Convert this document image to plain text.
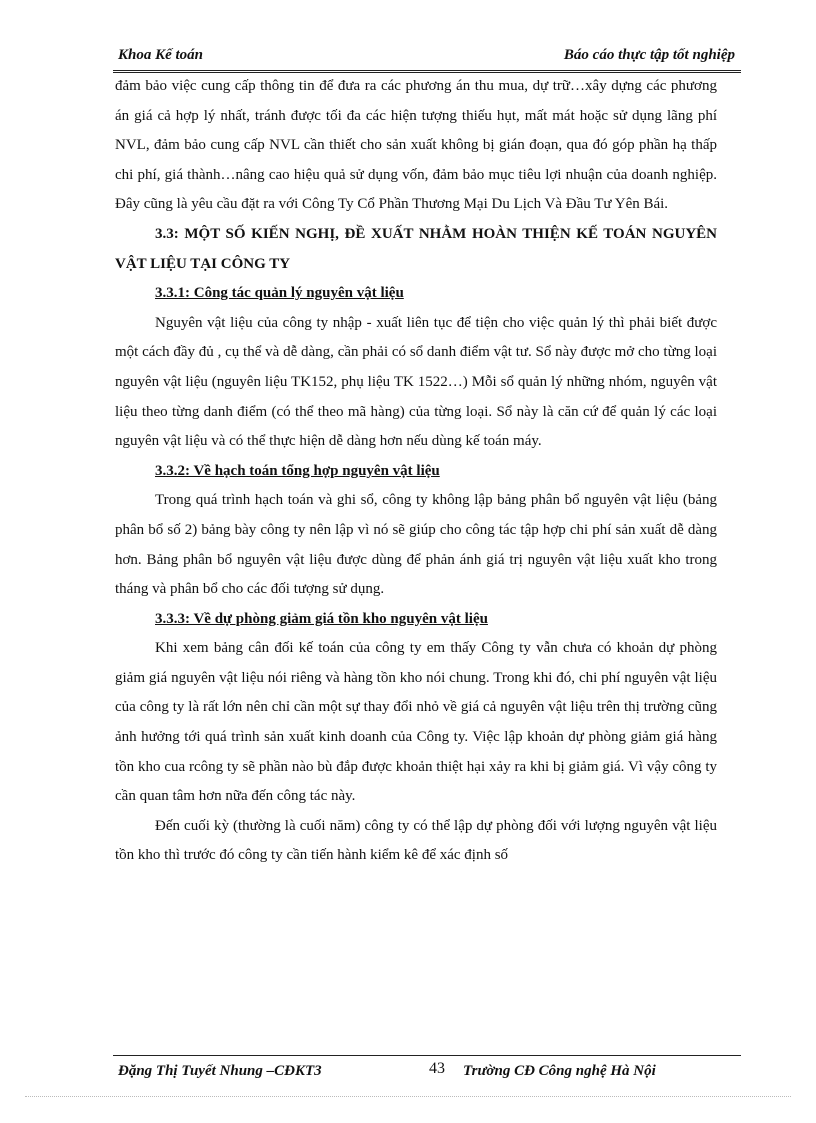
Khoa Kế toán	Báo cáo thực tập tốt nghiệp

đảm bảo việc cung cấp thông tin để đưa ra các phương án thu mua, dự trữ…xây dựng các phương án giá cả hợp lý nhất, tránh được tối đa các hiện tượng thiếu hụt, mất mát hoặc sử dụng lãng phí NVL, đảm bảo cung cấp NVL cần thiết cho sản xuất không bị gián đoạn, qua đó góp phần hạ thấp chi phí, giá thành…nâng cao hiệu quả sử dụng vốn, đảm bảo mục tiêu lợi nhuận của doanh nghiệp. Đây cũng là yêu cầu đặt ra với Công Ty Cổ Phần Thương Mại Du Lịch Và Đầu Tư Yên Bái.

3.3: MỘT SỐ KIẾN NGHỊ, ĐỀ XUẤT NHẰM HOÀN THIỆN KẾ TOÁN NGUYÊN VẬT LIỆU TẠI CÔNG TY

3.3.1: Công tác quản lý nguyên vật liệu

Nguyên vật liệu của công ty nhập - xuất liên tục để tiện cho việc quản lý thì phải biết được một cách đầy đủ , cụ thể và dễ dàng, cần phải có sổ danh điểm vật tư. Sổ này được mở cho từng loại nguyên vật liệu (nguyên liệu TK152, phụ liệu TK 1522…) Mỗi sổ quản lý những nhóm, nguyên vật liệu theo từng danh điểm (có thể theo mã hàng) của từng loại. Sổ này là căn cứ để quản lý các loại nguyên vật liệu và có thể thực hiện dễ dàng hơn nếu dùng kế toán máy.

3.3.2: Về hạch toán tổng hợp nguyên vật liệu

Trong quá trình hạch toán và ghi sổ, công ty không lập bảng phân bổ nguyên vật liệu (bảng phân bổ số 2) bảng bày công ty nên lập vì nó sẽ giúp cho công tác tập hợp chi phí sản xuất dễ dàng hơn. Bảng phân bổ nguyên vật liệu được dùng để phản ánh giá trị nguyên vật liệu xuất kho trong tháng và phân bổ cho các đối tượng sử dụng.

3.3.3: Về dự phòng giảm giá tồn kho nguyên vật liệu

Khi xem bảng cân đối kế toán của công ty em thấy Công ty vẫn chưa có khoản dự phòng giảm giá nguyên vật liệu nói riêng và hàng tồn kho nói chung. Trong khi đó, chi phí nguyên vật liệu của công ty là rất lớn nên chỉ cần một sự thay đổi nhỏ về giá cả nguyên vật liệu trên thị trường cũng ảnh hưởng tới quá trình sản xuất kinh doanh của Công ty. Việc lập khoản dự phòng giảm giá hàng tồn kho cua rcông ty sẽ phần nào bù đắp được khoản thiệt hại xảy ra khi bị giảm giá. Vì vậy công ty cần quan tâm hơn nữa đến công tác này.

Đến cuối kỳ (thường là cuối năm) công ty có thể lập dự phòng đối với lượng nguyên vật liệu tồn kho thì trước đó công ty cần tiến hành kiểm kê để xác định số

Đặng Thị Tuyết Nhung –CĐKT3	43 Trường CĐ Công nghệ Hà Nội
